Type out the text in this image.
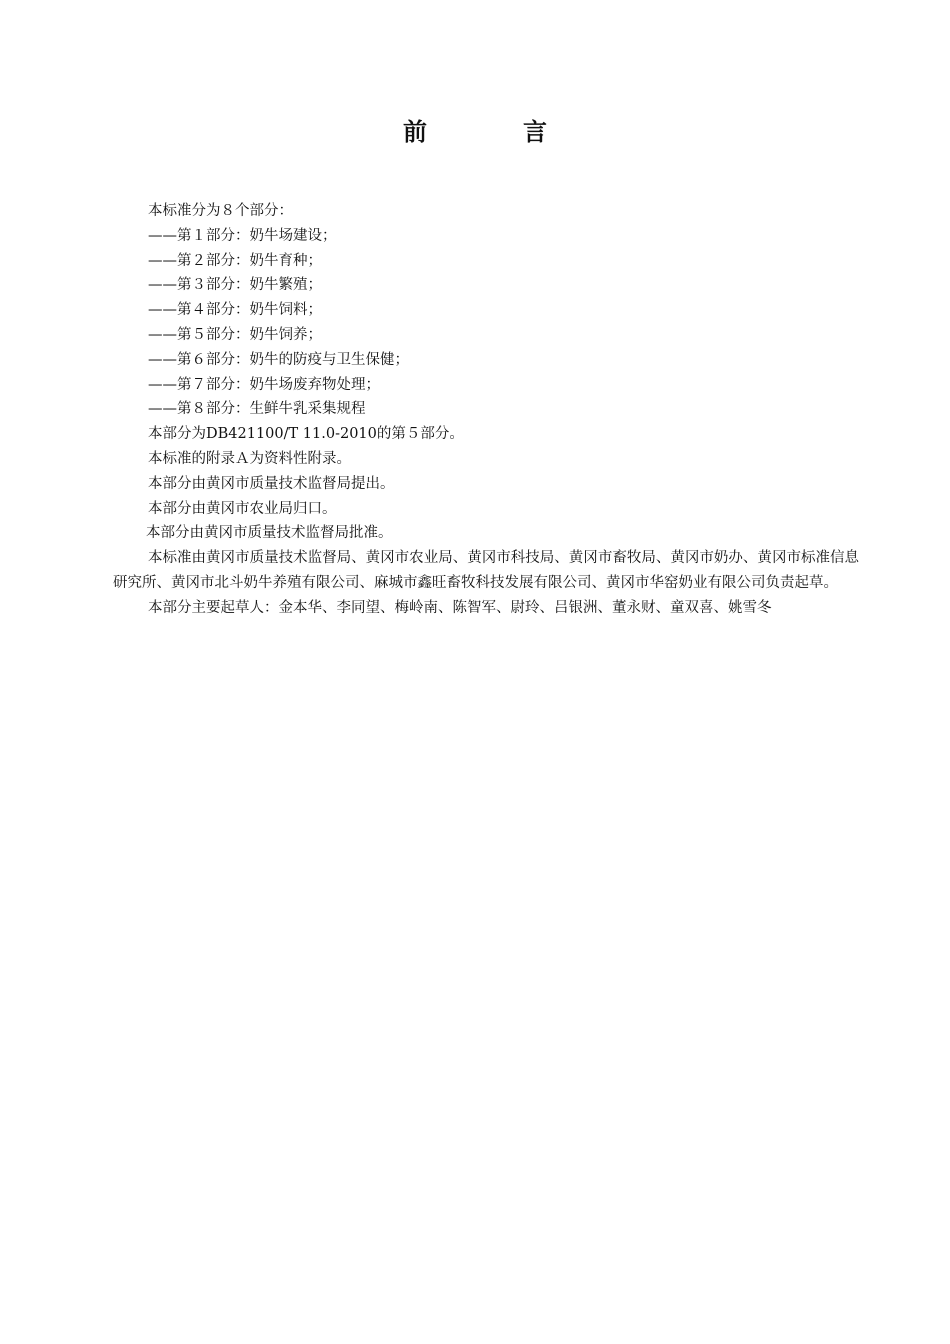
前　言
本标准分为８个部分：
——第１部分：奶牛场建设；
——第２部分：奶牛育种；
——第３部分：奶牛繁殖；
——第４部分：奶牛饲料；
——第５部分：奶牛饲养；
——第６部分：奶牛的防疫与卫生保健；
——第７部分：奶牛场废弃物处理；
——第８部分：生鲜牛乳采集规程
本部分为DB421100/T 11.0-2010的第５部分。
本标准的附录Ａ为资料性附录。
本部分由黄冈市质量技术监督局提出。
本部分由黄冈市农业局归口。
本部分由黄冈市质量技术监督局批准。
本标准由黄冈市质量技术监督局、黄冈市农业局、黄冈市科技局、黄冈市畜牧局、黄冈市奶办、黄冈市标准信息研究所、黄冈市北斗奶牛养殖有限公司、麻城市鑫旺畜牧科技发展有限公司、黄冈市华窑奶业有限公司负责起草。
本部分主要起草人：金本华、李同望、梅岭南、陈智军、尉玲、吕银洲、董永财、童双喜、姚雪冬
